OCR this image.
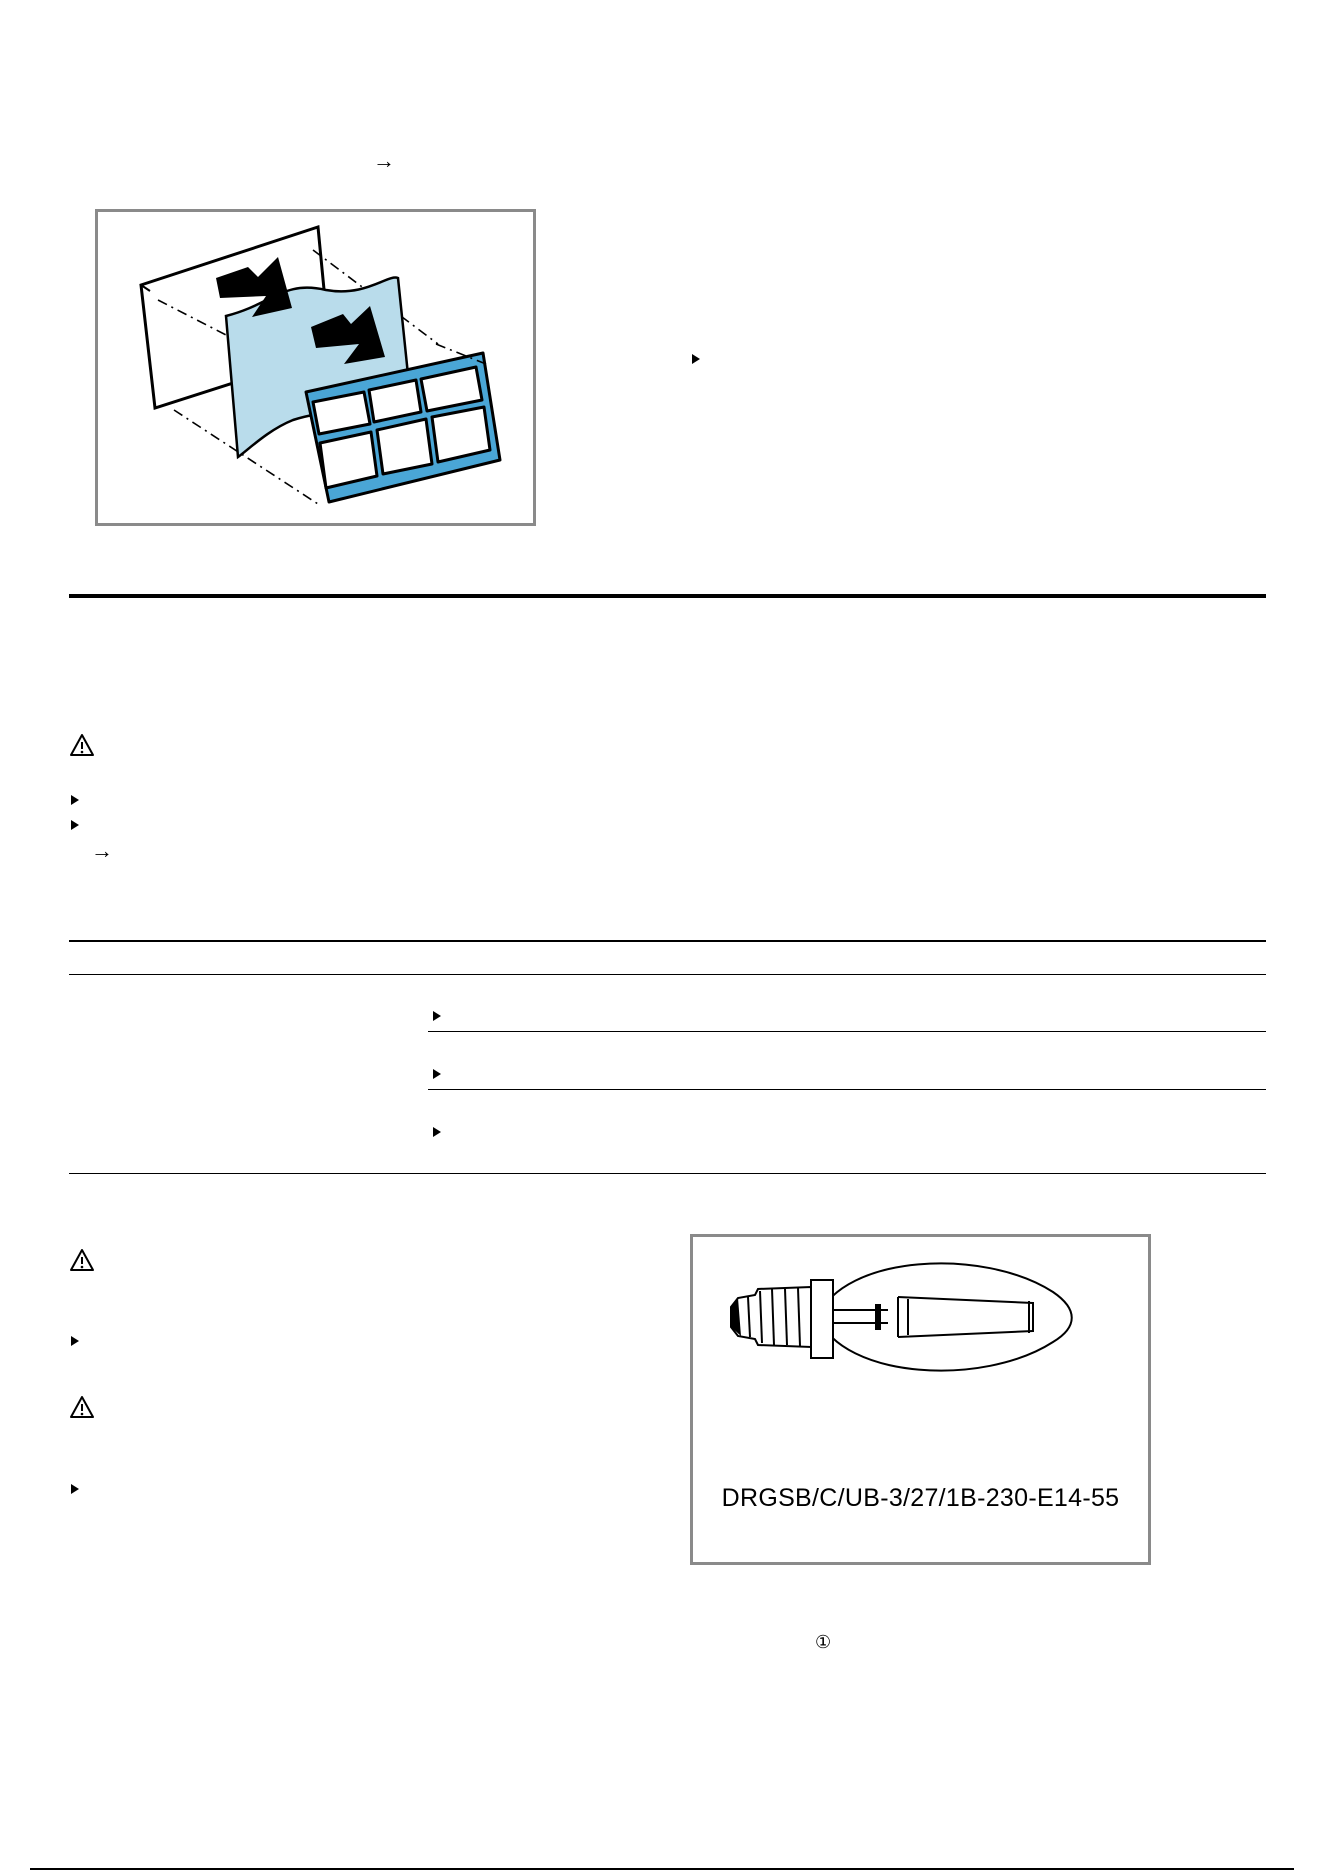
→
→
DRGSB/C/UB-3/27/1B-230-E14-55
①
